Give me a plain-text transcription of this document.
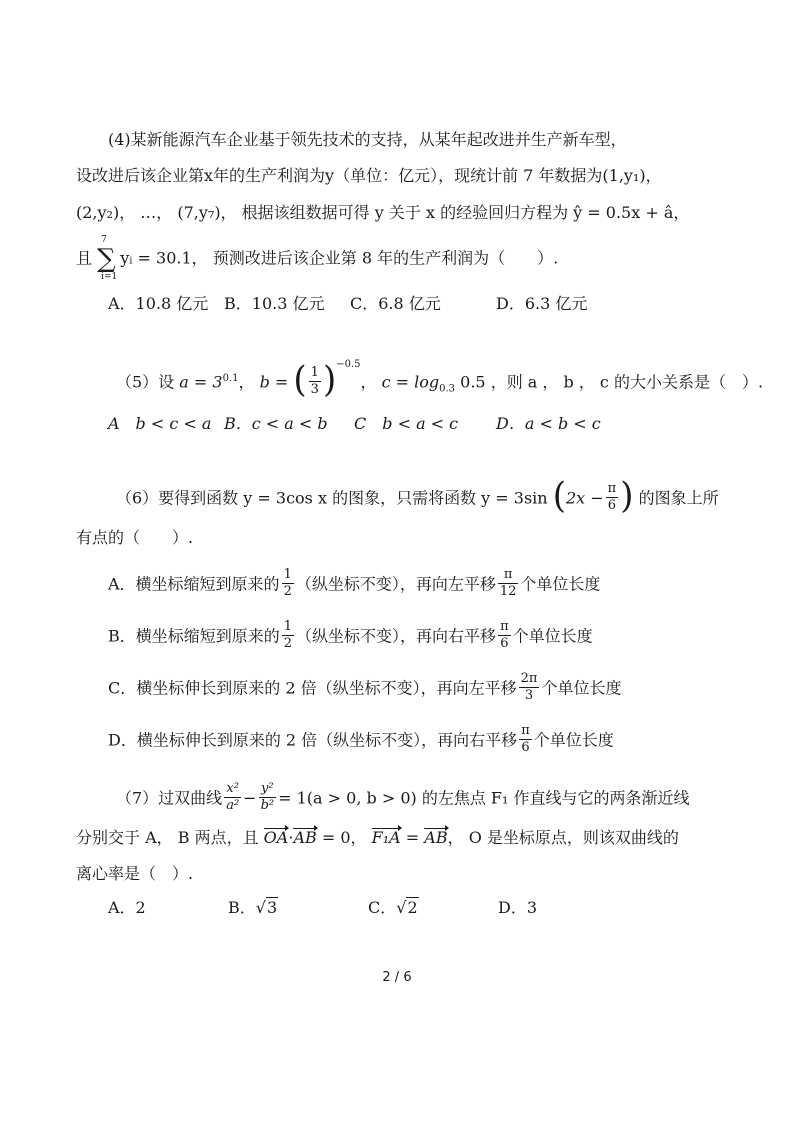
(4)某新能源汽车企业基于领先技术的支持，从某年起改进并生产新车型，
设改进后该企业第x年的生产利润为y（单位：亿元），现统计前 7 年数据为(1,y₁)，
(2,y₂)， …， (7,y₇)， 根据该组数据可得 y 关于 x 的经验回归方程为 ŷ = 0.5x + â，
且
7
∑
i=1
yᵢ = 30.1， 预测改进后该企业第 8 年的生产利润为（　　）.
A．10.8 亿元 B．10.3 亿元 C．6.8 亿元	D．6.3 亿元
（5）设 $a = 3^{0.1}$， b = ( $\frac{1}{3} )^{-0.5}$， $c = \log_{0.3} 0.5$ ，则 a ， b ， c 的大小关系是（　）.
A　b < c < a B．c < a < b C　b < a < c D．a < b < c
（6）要得到函数 y = 3cos x 的图象，只需将函数 y = 3sin ($2x - \frac{\pi}{6}$ ) 的图象上所
有点的（　　）.
A．横坐标缩短到原来的 $\frac{1}{2}$ （纵坐标不变），再向左平移 $\frac{\pi}{12}$ 个单位长度
B．横坐标缩短到原来的 $\frac{1}{2}$ （纵坐标不变），再向右平移 $\frac{\pi}{6}$ 个单位长度
C．横坐标伸长到原来的 2 倍（纵坐标不变），再向左平移 $\frac{2\pi}{3}$ 个单位长度
D．横坐标伸长到原来的 2 倍（纵坐标不变），再向右平移 $\frac{\pi}{6}$ 个单位长度
（7）过双曲线 $\frac{\text{x²}}{\text{a²}} - \frac{\text{y²}}{\text{b²}} = 1(a > 0$, b > 0) 的左焦点 F₁ 作直线与它的两条渐近线
分别交于 A， B 两点，且 OA·AB = 0， F₁A = AB， O 是坐标原点，则该双曲线的
离心率是（　）.
A．2	B．√3	C．√2	D．3
2 / 6
